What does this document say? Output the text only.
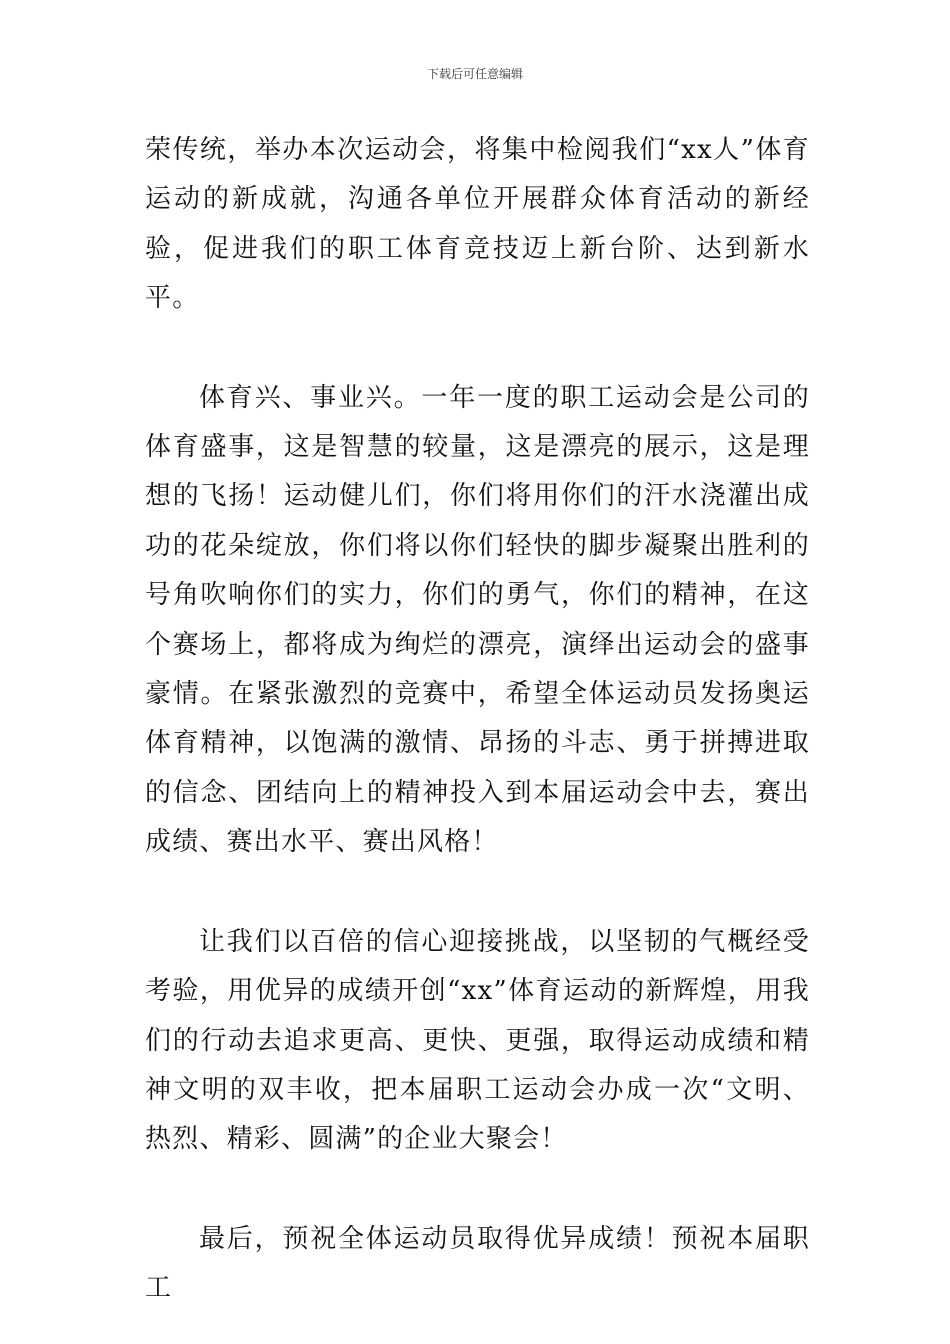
下载后可任意编辑

荣传统，举办本次运动会，将集中检阅我们“xx人”体育运动的新成就，沟通各单位开展群众体育活动的新经验，促进我们的职工体育竞技迈上新台阶、达到新水平。

体育兴、事业兴。一年一度的职工运动会是公司的体育盛事，这是智慧的较量，这是漂亮的展示，这是理想的飞扬！运动健儿们，你们将用你们的汗水浇灌出成功的花朵绽放，你们将以你们轻快的脚步凝聚出胜利的号角吹响你们的实力，你们的勇气，你们的精神，在这个赛场上，都将成为绚烂的漂亮，演绎出运动会的盛事豪情。在紧张激烈的竞赛中，希望全体运动员发扬奥运体育精神，以饱满的激情、昂扬的斗志、勇于拼搏进取的信念、团结向上的精神投入到本届运动会中去，赛出成绩、赛出水平、赛出风格！

让我们以百倍的信心迎接挑战，以坚韧的气概经受考验，用优异的成绩开创“xx”体育运动的新辉煌，用我们的行动去追求更高、更快、更强，取得运动成绩和精神文明的双丰收，把本届职工运动会办成一次“文明、热烈、精彩、圆满”的企业大聚会！

最后，预祝全体运动员取得优异成绩！预祝本届职工
